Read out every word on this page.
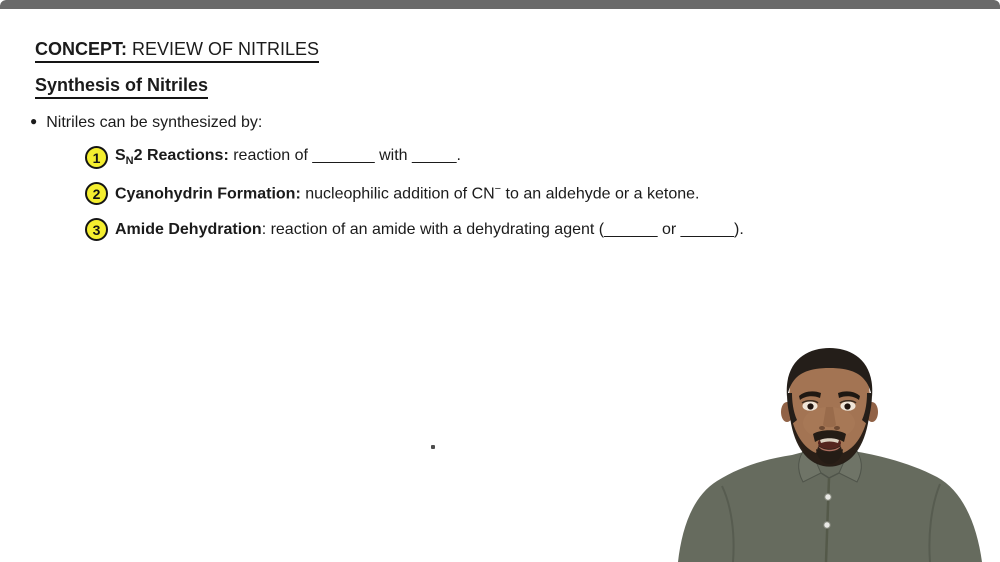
CONCEPT: REVIEW OF NITRILES
Synthesis of Nitriles
● Nitriles can be synthesized by:
1 $S_N2$ Reactions: reaction of _______ with _____.
2 Cyanohydrin Formation: nucleophilic addition of CN− to an aldehyde or a ketone.
3 Amide Dehydration: reaction of an amide with a dehydrating agent (______ or ______).
